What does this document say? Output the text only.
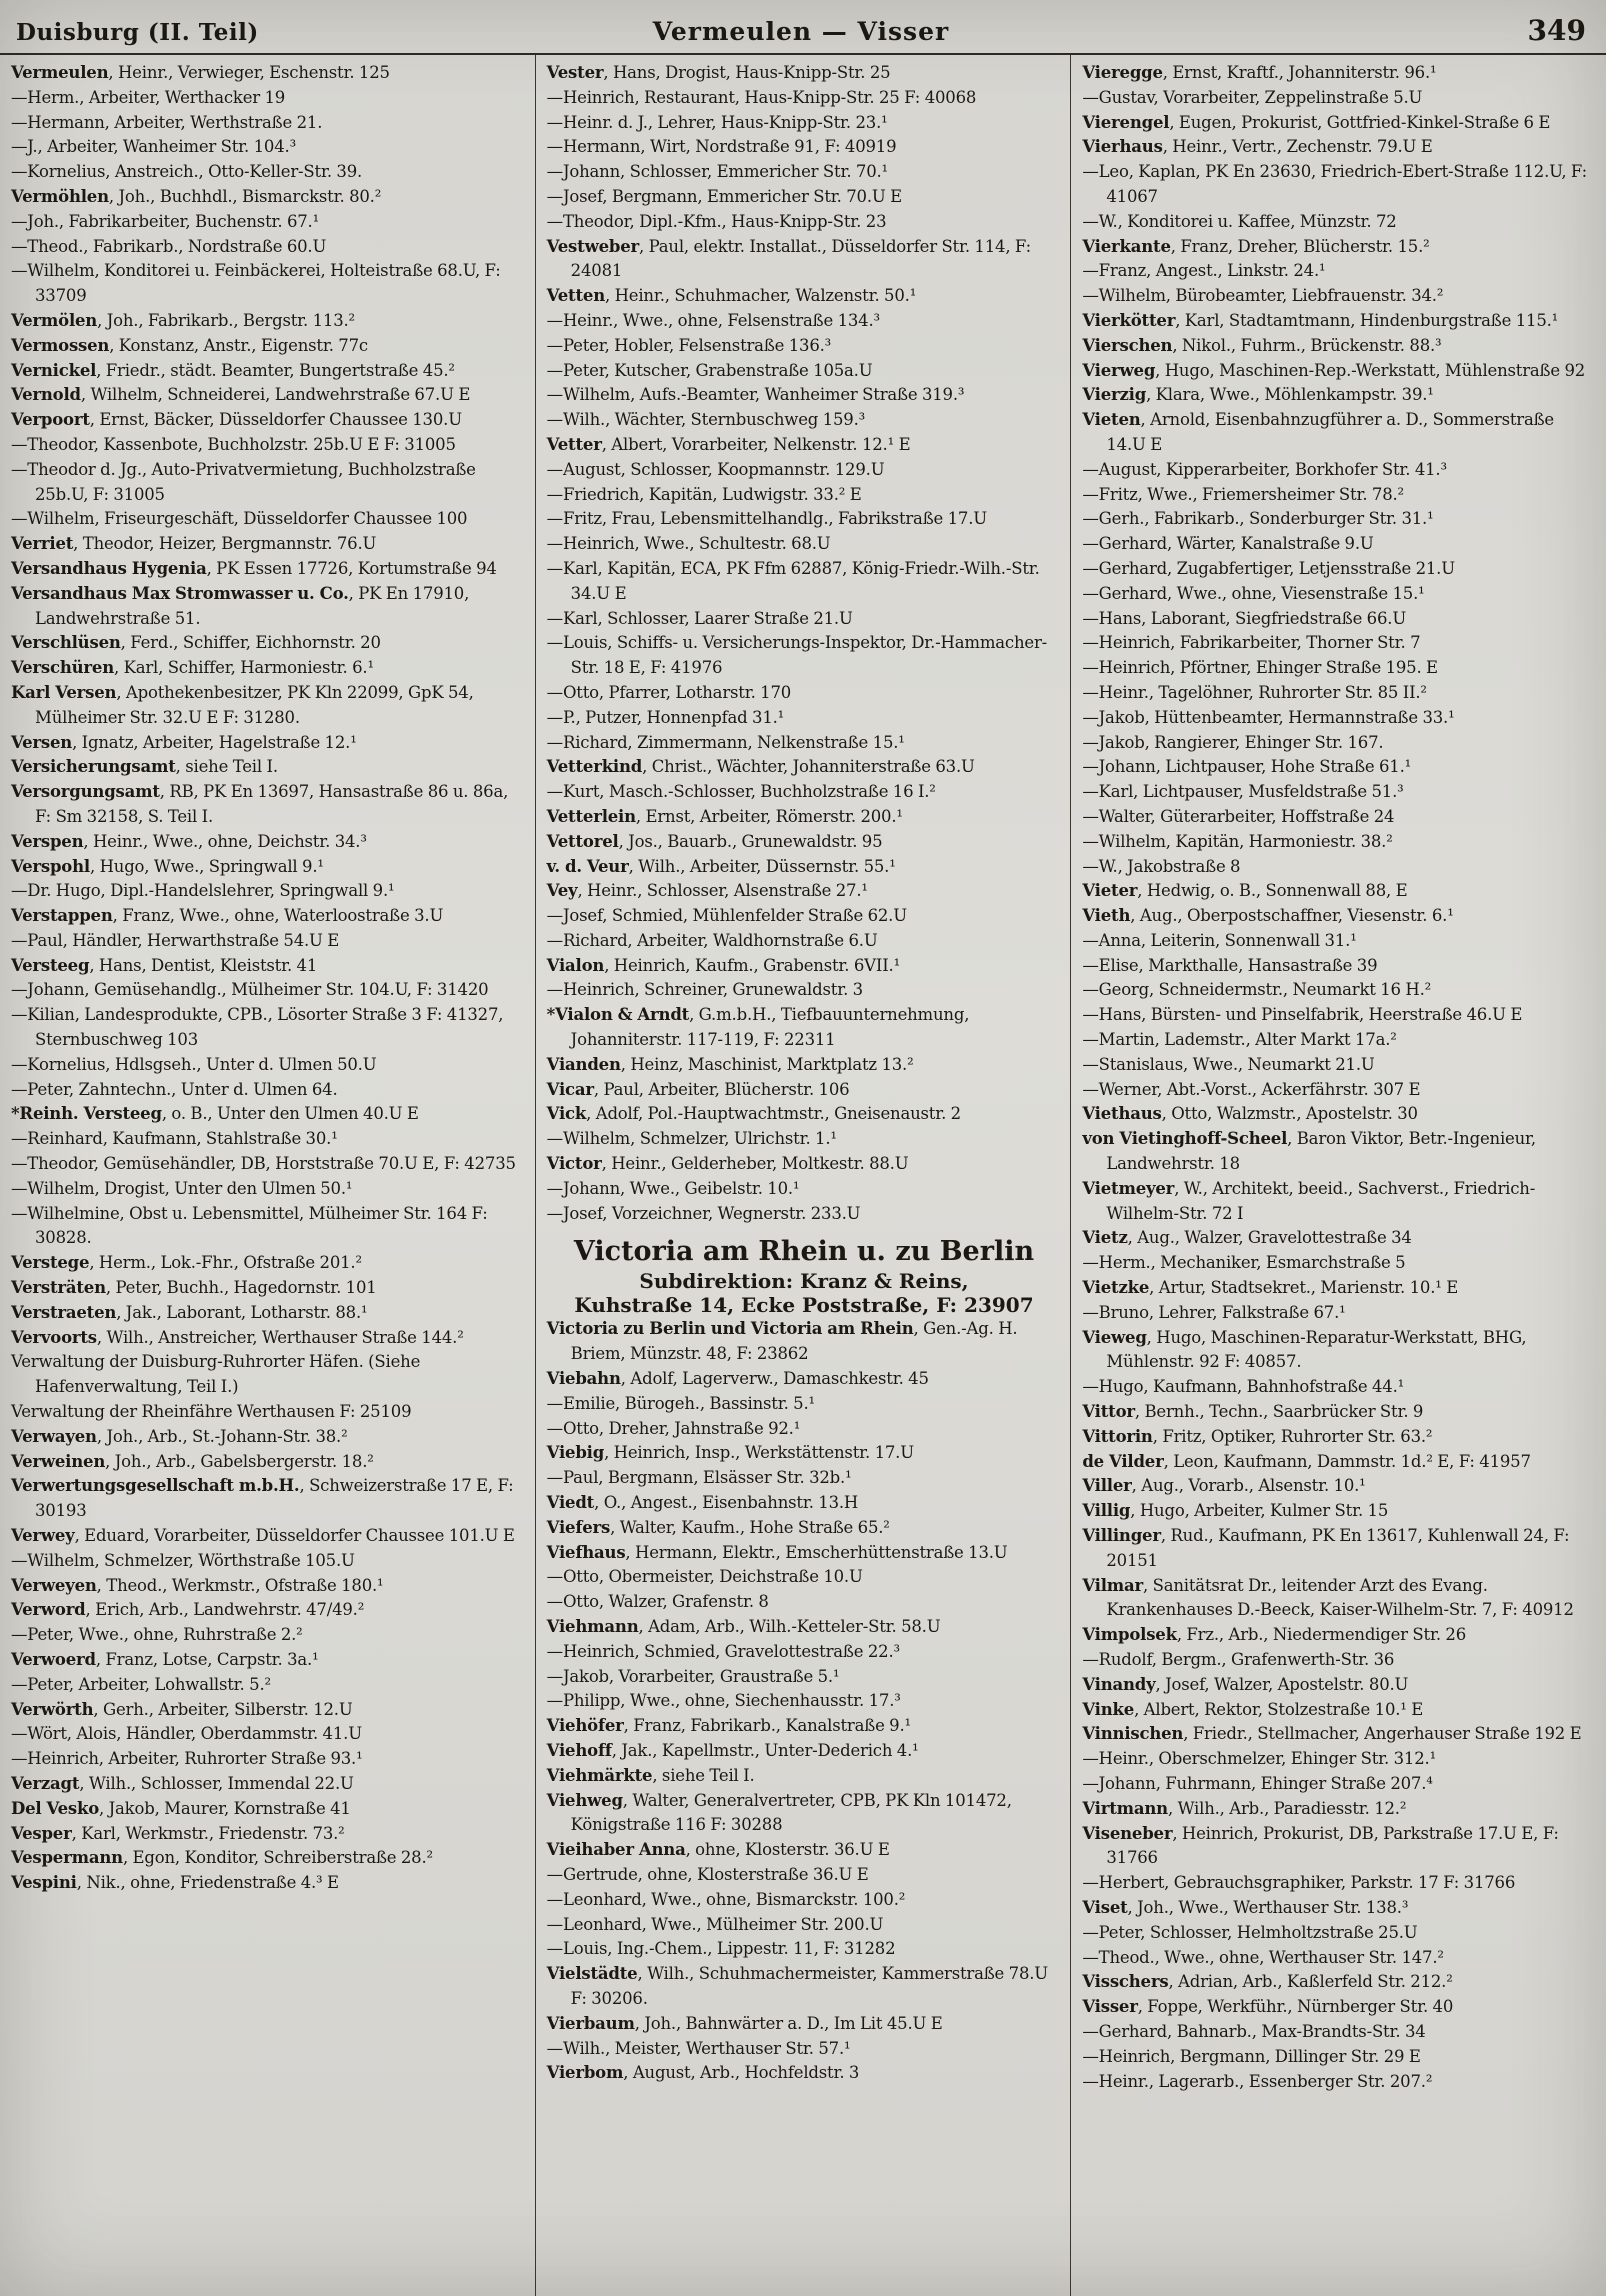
Duisburg (II. Teil)	Vermeulen — Visser	349

Vermeulen, Heinr., Verwieger, Eschenstr. 125

—Herm., Arbeiter, Werthacker 19

—Hermann, Arbeiter, Werthstraße 21.

—J., Arbeiter, Wanheimer Str. 104.³

—Kornelius, Anstreich., Otto-Keller-Str. 39.

Vermöhlen, Joh., Buchhdl., Bismarckstr. 80.²

—Joh., Fabrikarbeiter, Buchenstr. 67.¹

—Theod., Fabrikarb., Nordstraße 60.U

—Wilhelm, Konditorei u. Feinbäckerei, Holteistraße 68.U, F: 33709

Vermölen, Joh., Fabrikarb., Bergstr. 113.²

Vermossen, Konstanz, Anstr., Eigenstr. 77c

Vernickel, Friedr., städt. Beamter, Bungertstraße 45.²

Vernold, Wilhelm, Schneiderei, Landwehrstraße 67.U E

Verpoort, Ernst, Bäcker, Düsseldorfer Chaussee 130.U

—Theodor, Kassenbote, Buchholzstr. 25b.U E F: 31005

—Theodor d. Jg., Auto-Privatvermietung, Buchholzstraße 25b.U, F: 31005

—Wilhelm, Friseurgeschäft, Düsseldorfer Chaussee 100

Verriet, Theodor, Heizer, Bergmannstr. 76.U

Versandhaus Hygenia, PK Essen 17726, Kortumstraße 94

Versandhaus Max Stromwasser u. Co., PK En 17910, Landwehrstraße 51.

Verschlüsen, Ferd., Schiffer, Eichhornstr. 20

Verschüren, Karl, Schiffer, Harmoniestr. 6.¹

Karl Versen, Apothekenbesitzer, PK Kln 22099, GpK 54, Mülheimer Str. 32.U E F: 31280.

Versen, Ignatz, Arbeiter, Hagelstraße 12.¹

Versicherungsamt, siehe Teil I.

Versorgungsamt, RB, PK En 13697, Hansastraße 86 u. 86a, F: Sm 32158, S. Teil I.

Verspen, Heinr., Wwe., ohne, Deichstr. 34.³

Verspohl, Hugo, Wwe., Springwall 9.¹

—Dr. Hugo, Dipl.-Handelslehrer, Springwall 9.¹

Verstappen, Franz, Wwe., ohne, Waterloostraße 3.U

—Paul, Händler, Herwarthstraße 54.U E

Versteeg, Hans, Dentist, Kleiststr. 41

—Johann, Gemüsehandlg., Mülheimer Str. 104.U, F: 31420

—Kilian, Landesprodukte, CPB., Lösorter Straße 3 F: 41327, Sternbuschweg 103

—Kornelius, Hdlsgseh., Unter d. Ulmen 50.U

—Peter, Zahntechn., Unter d. Ulmen 64.

*Reinh. Versteeg, o. B., Unter den Ulmen 40.U E

—Reinhard, Kaufmann, Stahlstraße 30.¹

—Theodor, Gemüsehändler, DB, Horststraße 70.U E, F: 42735

—Wilhelm, Drogist, Unter den Ulmen 50.¹

—Wilhelmine, Obst u. Lebensmittel, Mülheimer Str. 164 F: 30828.

Verstege, Herm., Lok.-Fhr., Ofstraße 201.²

Versträten, Peter, Buchh., Hagedornstr. 101

Verstraeten, Jak., Laborant, Lotharstr. 88.¹

Vervoorts, Wilh., Anstreicher, Werthauser Straße 144.²

Verwaltung der Duisburg-Ruhrorter Häfen. (Siehe Hafenverwaltung, Teil I.)

Verwaltung der Rheinfähre Werthausen F: 25109

Verwayen, Joh., Arb., St.-Johann-Str. 38.²

Verweinen, Joh., Arb., Gabelsbergerstr. 18.²

Verwertungsgesellschaft m.b.H., Schweizerstraße 17 E, F: 30193

Verwey, Eduard, Vorarbeiter, Düsseldorfer Chaussee 101.U E

—Wilhelm, Schmelzer, Wörthstraße 105.U

Verweyen, Theod., Werkmstr., Ofstraße 180.¹

Verword, Erich, Arb., Landwehrstr. 47/49.²

—Peter, Wwe., ohne, Ruhrstraße 2.²

Verwoerd, Franz, Lotse, Carpstr. 3a.¹

—Peter, Arbeiter, Lohwallstr. 5.²

Verwörth, Gerh., Arbeiter, Silberstr. 12.U

—Wört, Alois, Händler, Oberdammstr. 41.U

—Heinrich, Arbeiter, Ruhrorter Straße 93.¹

Verzagt, Wilh., Schlosser, Immendal 22.U

Del Vesko, Jakob, Maurer, Kornstraße 41

Vesper, Karl, Werkmstr., Friedenstr. 73.²

Vespermann, Egon, Konditor, Schreiberstraße 28.²

Vespini, Nik., ohne, Friedenstraße 4.³ E

Vester, Hans, Drogist, Haus-Knipp-Str. 25

—Heinrich, Restaurant, Haus-Knipp-Str. 25 F: 40068

—Heinr. d. J., Lehrer, Haus-Knipp-Str. 23.¹

—Hermann, Wirt, Nordstraße 91, F: 40919

—Johann, Schlosser, Emmericher Str. 70.¹

—Josef, Bergmann, Emmericher Str. 70.U E

—Theodor, Dipl.-Kfm., Haus-Knipp-Str. 23

Vestweber, Paul, elektr. Installat., Düsseldorfer Str. 114, F: 24081

Vetten, Heinr., Schuhmacher, Walzenstr. 50.¹

—Heinr., Wwe., ohne, Felsenstraße 134.³

—Peter, Hobler, Felsenstraße 136.³

—Peter, Kutscher, Grabenstraße 105a.U

—Wilhelm, Aufs.-Beamter, Wanheimer Straße 319.³

—Wilh., Wächter, Sternbuschweg 159.³

Vetter, Albert, Vorarbeiter, Nelkenstr. 12.¹ E

—August, Schlosser, Koopmannstr. 129.U

—Friedrich, Kapitän, Ludwigstr. 33.² E

—Fritz, Frau, Lebensmittelhandlg., Fabrikstraße 17.U

—Heinrich, Wwe., Schultestr. 68.U

—Karl, Kapitän, ECA, PK Ffm 62887, König-Friedr.-Wilh.-Str. 34.U E

—Karl, Schlosser, Laarer Straße 21.U

—Louis, Schiffs- u. Versicherungs-Inspektor, Dr.-Hammacher-Str. 18 E, F: 41976

—Otto, Pfarrer, Lotharstr. 170

—P., Putzer, Honnenpfad 31.¹

—Richard, Zimmermann, Nelkenstraße 15.¹

Vetterkind, Christ., Wächter, Johanniterstraße 63.U

—Kurt, Masch.-Schlosser, Buchholzstraße 16 I.²

Vetterlein, Ernst, Arbeiter, Römerstr. 200.¹

Vettorel, Jos., Bauarb., Grunewaldstr. 95

v. d. Veur, Wilh., Arbeiter, Düssernstr. 55.¹

Vey, Heinr., Schlosser, Alsenstraße 27.¹

—Josef, Schmied, Mühlenfelder Straße 62.U

—Richard, Arbeiter, Waldhornstraße 6.U

Vialon, Heinrich, Kaufm., Grabenstr. 6VII.¹

—Heinrich, Schreiner, Grunewaldstr. 3

*Vialon & Arndt, G.m.b.H., Tiefbauunternehmung, Johanniterstr. 117-119, F: 22311

Vianden, Heinz, Maschinist, Marktplatz 13.²

Vicar, Paul, Arbeiter, Blücherstr. 106

Vick, Adolf, Pol.-Hauptwachtmstr., Gneisenaustr. 2

—Wilhelm, Schmelzer, Ulrichstr. 1.¹

Victor, Heinr., Gelderheber, Moltkestr. 88.U

—Johann, Wwe., Geibelstr. 10.¹

—Josef, Vorzeichner, Wegnerstr. 233.U

Victoria am Rhein u. zu Berlin

Subdirektion: Kranz & Reins,

Kuhstraße 14, Ecke Poststraße, F: 23907

Victoria zu Berlin und Victoria am Rhein, Gen.-Ag. H. Briem, Münzstr. 48, F: 23862

Viebahn, Adolf, Lagerverw., Damaschkestr. 45

—Emilie, Bürogeh., Bassinstr. 5.¹

—Otto, Dreher, Jahnstraße 92.¹

Viebig, Heinrich, Insp., Werkstättenstr. 17.U

—Paul, Bergmann, Elsässer Str. 32b.¹

Viedt, O., Angest., Eisenbahnstr. 13.H

Viefers, Walter, Kaufm., Hohe Straße 65.²

Viefhaus, Hermann, Elektr., Emscherhüttenstraße 13.U

—Otto, Obermeister, Deichstraße 10.U

—Otto, Walzer, Grafenstr. 8

Viehmann, Adam, Arb., Wilh.-Ketteler-Str. 58.U

—Heinrich, Schmied, Gravelottestraße 22.³

—Jakob, Vorarbeiter, Graustraße 5.¹

—Philipp, Wwe., ohne, Siechenhausstr. 17.³

Viehöfer, Franz, Fabrikarb., Kanalstraße 9.¹

Viehoff, Jak., Kapellmstr., Unter-Dederich 4.¹

Viehmärkte, siehe Teil I.

Viehweg, Walter, Generalvertreter, CPB, PK Kln 101472, Königstraße 116 F: 30288

Vieihaber Anna, ohne, Klosterstr. 36.U E

—Gertrude, ohne, Klosterstraße 36.U E

—Leonhard, Wwe., ohne, Bismarckstr. 100.²

—Leonhard, Wwe., Mülheimer Str. 200.U

—Louis, Ing.-Chem., Lippestr. 11, F: 31282

Vielstädte, Wilh., Schuhmachermeister, Kammerstraße 78.U F: 30206.

Vierbaum, Joh., Bahnwärter a. D., Im Lit 45.U E

—Wilh., Meister, Werthauser Str. 57.¹

Vierbom, August, Arb., Hochfeldstr. 3

Vieregge, Ernst, Kraftf., Johanniterstr. 96.¹

—Gustav, Vorarbeiter, Zeppelinstraße 5.U

Vierengel, Eugen, Prokurist, Gottfried-Kinkel-Straße 6 E

Vierhaus, Heinr., Vertr., Zechenstr. 79.U E

—Leo, Kaplan, PK En 23630, Friedrich-Ebert-Straße 112.U, F: 41067

—W., Konditorei u. Kaffee, Münzstr. 72

Vierkante, Franz, Dreher, Blücherstr. 15.²

—Franz, Angest., Linkstr. 24.¹

—Wilhelm, Bürobeamter, Liebfrauenstr. 34.²

Vierkötter, Karl, Stadtamtmann, Hindenburgstraße 115.¹

Vierschen, Nikol., Fuhrm., Brückenstr. 88.³

Vierweg, Hugo, Maschinen-Rep.-Werkstatt, Mühlenstraße 92

Vierzig, Klara, Wwe., Möhlenkampstr. 39.¹

Vieten, Arnold, Eisenbahnzugführer a. D., Sommerstraße 14.U E

—August, Kipperarbeiter, Borkhofer Str. 41.³

—Fritz, Wwe., Friemersheimer Str. 78.²

—Gerh., Fabrikarb., Sonderburger Str. 31.¹

—Gerhard, Wärter, Kanalstraße 9.U

—Gerhard, Zugabfertiger, Letjensstraße 21.U

—Gerhard, Wwe., ohne, Viesenstraße 15.¹

—Hans, Laborant, Siegfriedstraße 66.U

—Heinrich, Fabrikarbeiter, Thorner Str. 7

—Heinrich, Pförtner, Ehinger Straße 195. E

—Heinr., Tagelöhner, Ruhrorter Str. 85 II.²

—Jakob, Hüttenbeamter, Hermannstraße 33.¹

—Jakob, Rangierer, Ehinger Str. 167.

—Johann, Lichtpauser, Hohe Straße 61.¹

—Karl, Lichtpauser, Musfeldstraße 51.³

—Walter, Güterarbeiter, Hoffstraße 24

—Wilhelm, Kapitän, Harmoniestr. 38.²

—W., Jakobstraße 8

Vieter, Hedwig, o. B., Sonnenwall 88, E

Vieth, Aug., Oberpostschaffner, Viesenstr. 6.¹

—Anna, Leiterin, Sonnenwall 31.¹

—Elise, Markthalle, Hansastraße 39

—Georg, Schneidermstr., Neumarkt 16 H.²

—Hans, Bürsten- und Pinselfabrik, Heerstraße 46.U E

—Martin, Lademstr., Alter Markt 17a.²

—Stanislaus, Wwe., Neumarkt 21.U

—Werner, Abt.-Vorst., Ackerfährstr. 307 E

Viethaus, Otto, Walzmstr., Apostelstr. 30

von Vietinghoff-Scheel, Baron Viktor, Betr.-Ingenieur, Landwehrstr. 18

Vietmeyer, W., Architekt, beeid., Sachverst., Friedrich-Wilhelm-Str. 72 I

Vietz, Aug., Walzer, Gravelottestraße 34

—Herm., Mechaniker, Esmarchstraße 5

Vietzke, Artur, Stadtsekret., Marienstr. 10.¹ E

—Bruno, Lehrer, Falkstraße 67.¹

Vieweg, Hugo, Maschinen-Reparatur-Werkstatt, BHG, Mühlenstr. 92 F: 40857.

—Hugo, Kaufmann, Bahnhofstraße 44.¹

Vittor, Bernh., Techn., Saarbrücker Str. 9

Vittorin, Fritz, Optiker, Ruhrorter Str. 63.²

de Vilder, Leon, Kaufmann, Dammstr. 1d.² E, F: 41957

Viller, Aug., Vorarb., Alsenstr. 10.¹

Villig, Hugo, Arbeiter, Kulmer Str. 15

Villinger, Rud., Kaufmann, PK En 13617, Kuhlenwall 24, F: 20151

Vilmar, Sanitätsrat Dr., leitender Arzt des Evang. Krankenhauses D.-Beeck, Kaiser-Wilhelm-Str. 7, F: 40912

Vimpolsek, Frz., Arb., Niedermendiger Str. 26

—Rudolf, Bergm., Grafenwerth-Str. 36

Vinandy, Josef, Walzer, Apostelstr. 80.U

Vinke, Albert, Rektor, Stolzestraße 10.¹ E

Vinnischen, Friedr., Stellmacher, Angerhauser Straße 192 E

—Heinr., Oberschmelzer, Ehinger Str. 312.¹

—Johann, Fuhrmann, Ehinger Straße 207.⁴

Virtmann, Wilh., Arb., Paradiesstr. 12.²

Viseneber, Heinrich, Prokurist, DB, Parkstraße 17.U E, F: 31766

—Herbert, Gebrauchsgraphiker, Parkstr. 17 F: 31766

Viset, Joh., Wwe., Werthauser Str. 138.³

—Peter, Schlosser, Helmholtzstraße 25.U

—Theod., Wwe., ohne, Werthauser Str. 147.²

Visschers, Adrian, Arb., Kaßlerfeld Str. 212.²

Visser, Foppe, Werkführ., Nürnberger Str. 40

—Gerhard, Bahnarb., Max-Brandts-Str. 34

—Heinrich, Bergmann, Dillinger Str. 29 E

—Heinr., Lagerarb., Essenberger Str. 207.²
